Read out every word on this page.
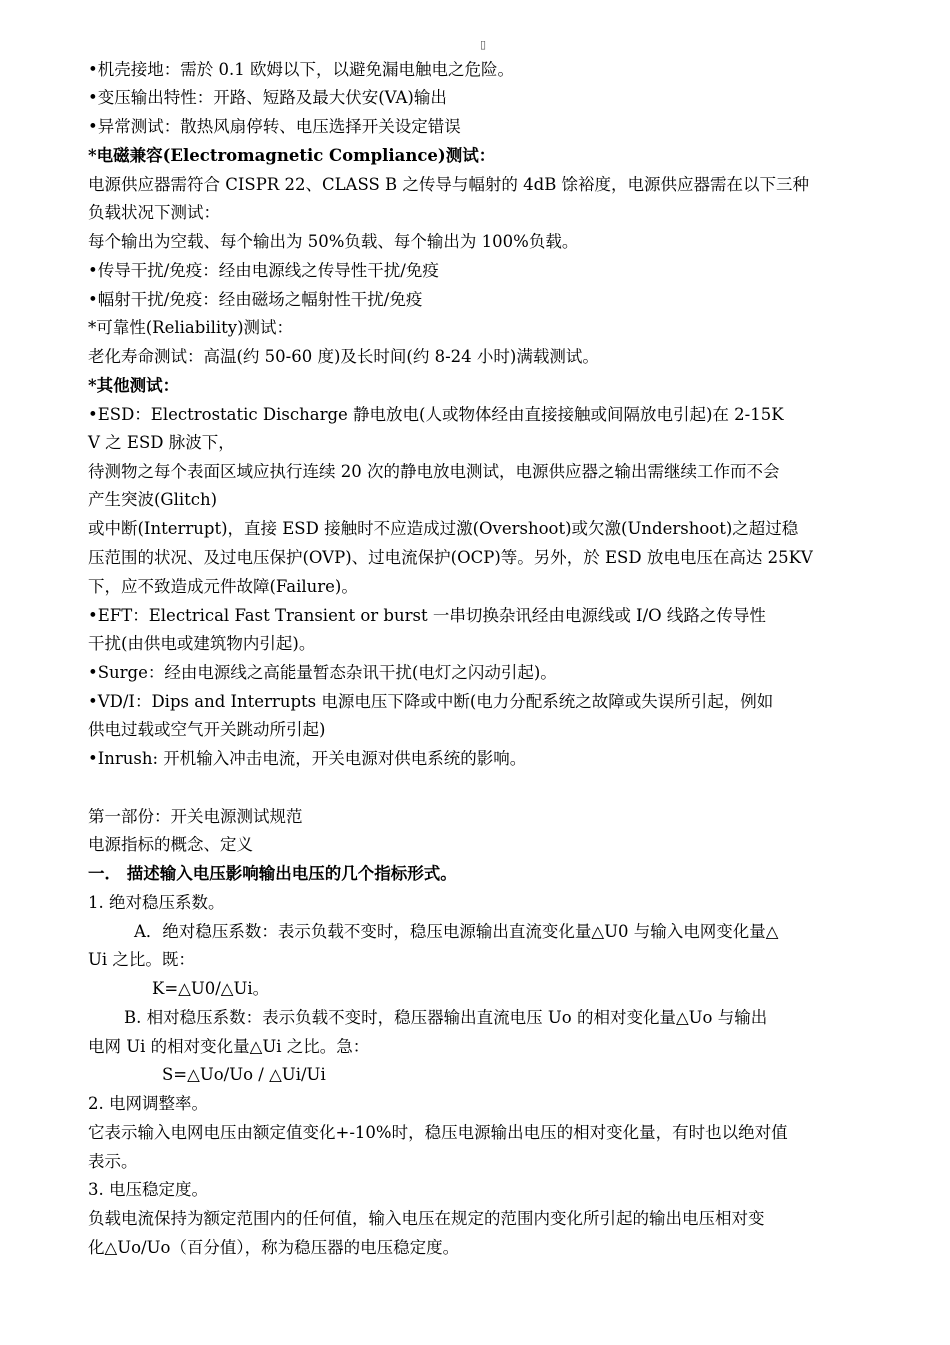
▯
•机壳接地：需於 0.1 欧姆以下，以避免漏电触电之危险。
•变压输出特性：开路、短路及最大伏安(VA)输出
•异常测试：散热风扇停转、电压选择开关设定错误
*电磁兼容(Electromagnetic Compliance)测试：
电源供应器需符合 CISPR 22、CLASS B 之传导与幅射的 4dB 馀裕度，电源供应器需在以下三种
负载状况下测试：
每个输出为空载、每个输出为 50%负载、每个输出为 100%负载。
•传导干扰/免疫：经由电源线之传导性干扰/免疫
•幅射干扰/免疫：经由磁场之幅射性干扰/免疫
*可靠性(Reliability)测试：
老化寿命测试：高温(约 50-60 度)及长时间(约 8-24 小时)满载测试。
*其他测试：
•ESD：Electrostatic Discharge 静电放电(人或物体经由直接接触或间隔放电引起)在 2-15K
V 之 ESD 脉波下，
待测物之每个表面区域应执行连续 20 次的静电放电测试，电源供应器之输出需继续工作而不会
产生突波(Glitch)
或中断(Interrupt)，直接 ESD 接触时不应造成过激(Overshoot)或欠激(Undershoot)之超过稳
压范围的状况、及过电压保护(OVP)、过电流保护(OCP)等。另外，於 ESD 放电电压在高达 25KV
下，应不致造成元件故障(Failure)。
•EFT：Electrical Fast Transient or burst 一串切换杂讯经由电源线或 I/O 线路之传导性
干扰(由供电或建筑物内引起)。
•Surge：经由电源线之高能量暂态杂讯干扰(电灯之闪动引起)。
•VD/I：Dips and Interrupts 电源电压下降或中断(电力分配系统之故障或失误所引起，例如
供电过载或空气开关跳动所引起)
•Inrush: 开机输入冲击电流，开关电源对供电系统的影响。
第一部份：开关电源测试规范
电源指标的概念、定义
一． 描述输入电压影响输出电压的几个指标形式。
1. 绝对稳压系数。
A．绝对稳压系数：表示负载不变时，稳压电源输出直流变化量△U0 与输入电网变化量△
Ui 之比。既：
K=△U0/△Ui。
B. 相对稳压系数：表示负载不变时，稳压器输出直流电压 Uo 的相对变化量△Uo 与输出
电网 Ui 的相对变化量△Ui 之比。急：
S=△Uo/Uo / △Ui/Ui
2. 电网调整率。
它表示输入电网电压由额定值变化+-10%时，稳压电源输出电压的相对变化量，有时也以绝对值
表示。
3. 电压稳定度。
负载电流保持为额定范围内的任何值，输入电压在规定的范围内变化所引起的输出电压相对变
化△Uo/Uo（百分值），称为稳压器的电压稳定度。
